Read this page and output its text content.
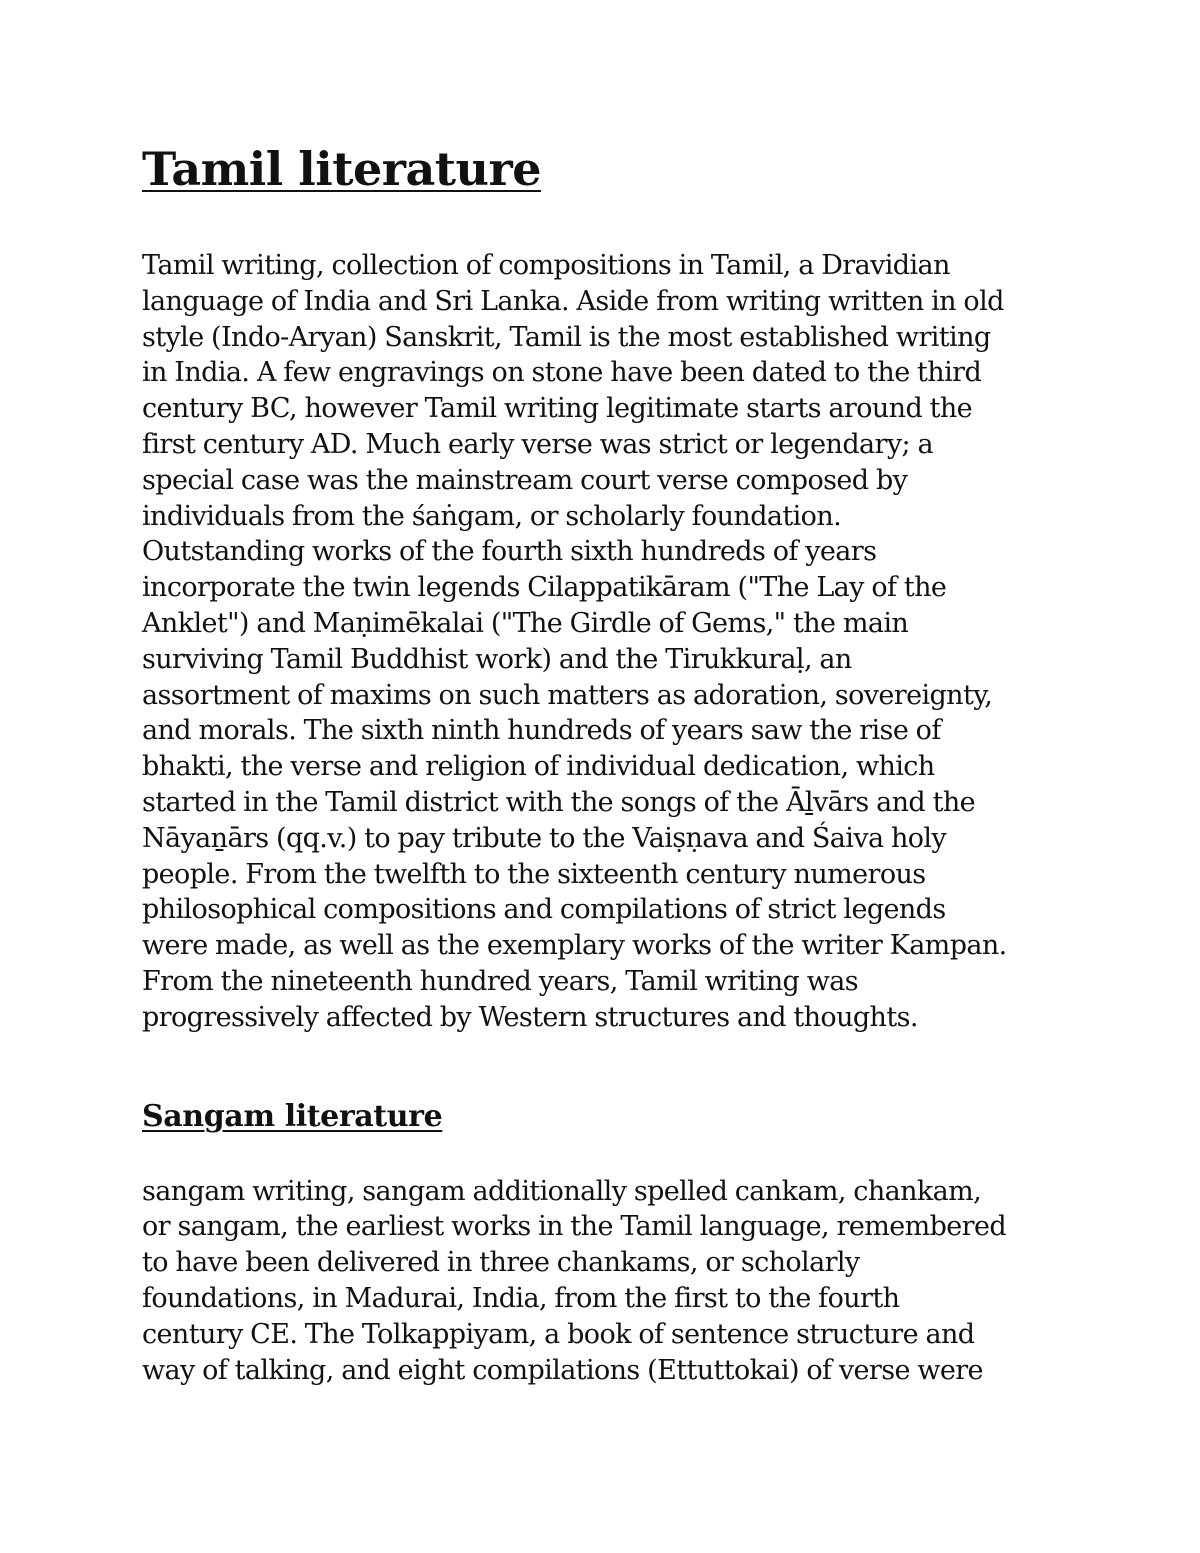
Tamil literature

Tamil writing, collection of compositions in Tamil, a Dravidian
language of India and Sri Lanka. Aside from writing written in old
style (Indo-Aryan) Sanskrit, Tamil is the most established writing
in India. A few engravings on stone have been dated to the third
century BC, however Tamil writing legitimate starts around the
first century AD. Much early verse was strict or legendary; a
special case was the mainstream court verse composed by
individuals from the śaṅgam, or scholarly foundation.
Outstanding works of the fourth sixth hundreds of years
incorporate the twin legends Cilappatikāram ("The Lay of the
Anklet") and Maṇimēkalai ("The Girdle of Gems," the main
surviving Tamil Buddhist work) and the Tirukkuraḷ, an
assortment of maxims on such matters as adoration, sovereignty,
and morals. The sixth ninth hundreds of years saw the rise of
bhakti, the verse and religion of individual dedication, which
started in the Tamil district with the songs of the Āḻvārs and the
Nāyaṉārs (qq.v.) to pay tribute to the Vaiṣṇava and Śaiva holy
people. From the twelfth to the sixteenth century numerous
philosophical compositions and compilations of strict legends
were made, as well as the exemplary works of the writer Kampan.
From the nineteenth hundred years, Tamil writing was
progressively affected by Western structures and thoughts.

Sangam literature

sangam writing, sangam additionally spelled cankam, chankam,
or sangam, the earliest works in the Tamil language, remembered
to have been delivered in three chankams, or scholarly
foundations, in Madurai, India, from the first to the fourth
century CE. The Tolkappiyam, a book of sentence structure and
way of talking, and eight compilations (Ettuttokai) of verse were
